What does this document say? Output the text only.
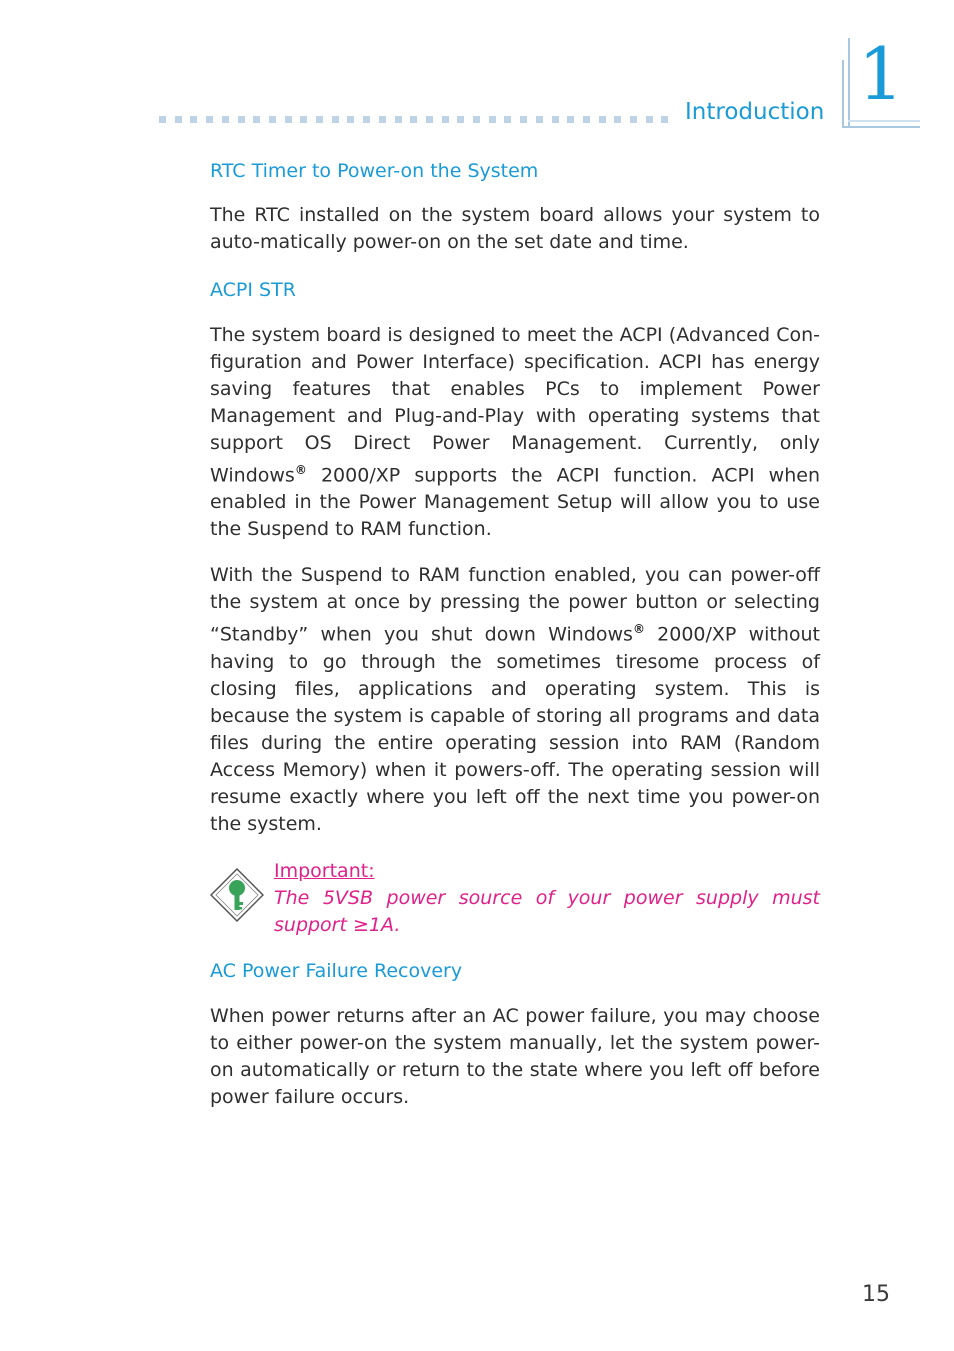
Introduction 1
RTC Timer to Power-on the System

The RTC installed on the system board allows your system to auto-matically power-on on the set date and time.

ACPI STR

The system board is designed to meet the ACPI (Advanced Con-figuration and Power Interface) specification. ACPI has energy saving features that enables PCs to implement Power Management and Plug-and-Play with operating systems that support OS Direct Power Management. Currently, only Windows® 2000/XP supports the ACPI function. ACPI when enabled in the Power Management Setup will allow you to use the Suspend to RAM function.

With the Suspend to RAM function enabled, you can power-off the system at once by pressing the power button or selecting “Standby” when you shut down Windows® 2000/XP without having to go through the sometimes tiresome process of closing files, applications and operating system. This is because the system is capable of storing all programs and data files during the entire operating session into RAM (Random Access Memory) when it powers-off. The operating session will resume exactly where you left off the next time you power-on the system.

Important:
The 5VSB power source of your power supply must support ≥1A.
AC Power Failure Recovery

When power returns after an AC power failure, you may choose to either power-on the system manually, let the system power-on automatically or return to the state where you left off before power failure occurs.

15
